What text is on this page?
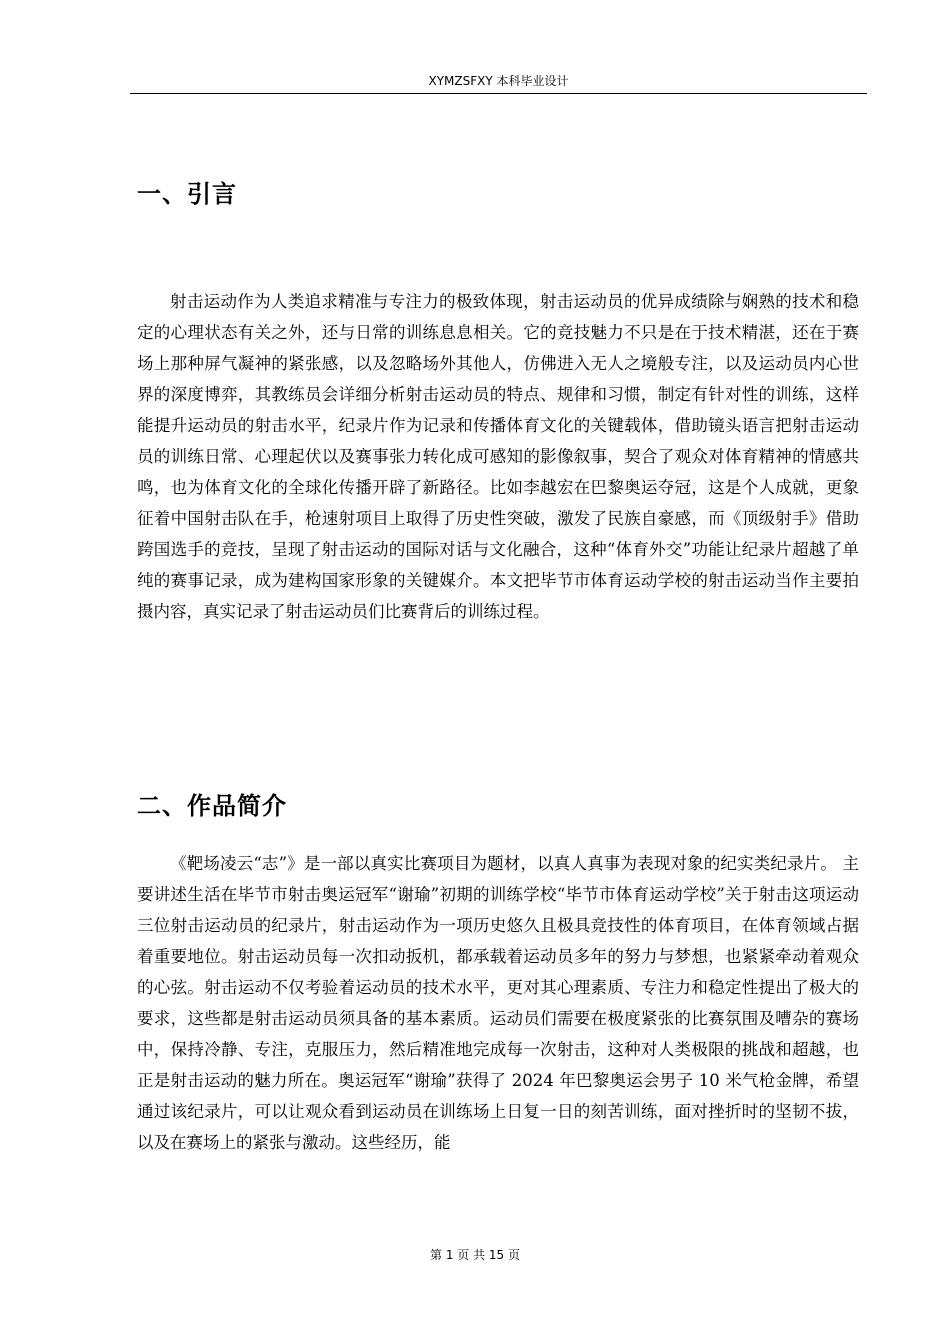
XYMZSFXY 本科毕业设计
一、引言

射击运动作为人类追求精准与专注力的极致体现，射击运动员的优异成绩除与娴熟的技术和稳定的心理状态有关之外，还与日常的训练息息相关。它的竞技魅力不只是在于技术精湛，还在于赛场上那种屏气凝神的紧张感，以及忽略场外其他人，仿佛进入无人之境般专注，以及运动员内心世界的深度博弈，其教练员会详细分析射击运动员的特点、规律和习惯，制定有针对性的训练，这样能提升运动员的射击水平，纪录片作为记录和传播体育文化的关键载体，借助镜头语言把射击运动员的训练日常、心理起伏以及赛事张力转化成可感知的影像叙事，契合了观众对体育精神的情感共鸣，也为体育文化的全球化传播开辟了新路径。比如李越宏在巴黎奥运夺冠，这是个人成就，更象征着中国射击队在手，枪速射项目上取得了历史性突破，激发了民族自豪感，而《顶级射手》借助跨国选手的竞技，呈现了射击运动的国际对话与文化融合，这种“体育外交”功能让纪录片超越了单纯的赛事记录，成为建构国家形象的关键媒介。本文把毕节市体育运动学校的射击运动当作主要拍摄内容，真实记录了射击运动员们比赛背后的训练过程。

二、作品简介

《靶场凌云“志”》是一部以真实比赛项目为题材，以真人真事为表现对象的纪实类纪录片。 主要讲述生活在毕节市射击奥运冠军“谢瑜”初期的训练学校“毕节市体育运动学校”关于射击这项运动三位射击运动员的纪录片，射击运动作为一项历史悠久且极具竞技性的体育项目，在体育领域占据着重要地位。射击运动员每一次扣动扳机，都承载着运动员多年的努力与梦想，也紧紧牵动着观众的心弦。射击运动不仅考验着运动员的技术水平，更对其心理素质、专注力和稳定性提出了极大的要求，这些都是射击运动员须具备的基本素质。运动员们需要在极度紧张的比赛氛围及嘈杂的赛场中，保持冷静、专注，克服压力，然后精准地完成每一次射击，这种对人类极限的挑战和超越，也正是射击运动的魅力所在。奥运冠军“谢瑜”获得了 2024 年巴黎奥运会男子 10 米气枪金牌，希望通过该纪录片，可以让观众看到运动员在训练场上日复一日的刻苦训练，面对挫折时的坚韧不拔，以及在赛场上的紧张与激动。这些经历，能

第 1 页 共 15 页
